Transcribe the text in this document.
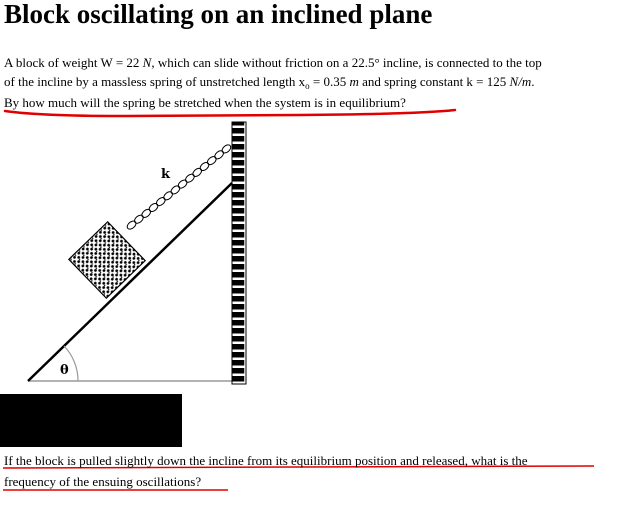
Block oscillating on an inclined plane

A block of weight W = 22 N, which can slide without friction on a 22.5° incline, is connected to the top

of the incline by a massless spring of unstretched length $x_o = 0.35$ m and spring constant k = 125 N/m.

By how much will the spring be stretched when the system is in equilibrium?

θ
k

If the block is pulled slightly down the incline from its equilibrium position and released, what is the

frequency of the ensuing oscillations?
